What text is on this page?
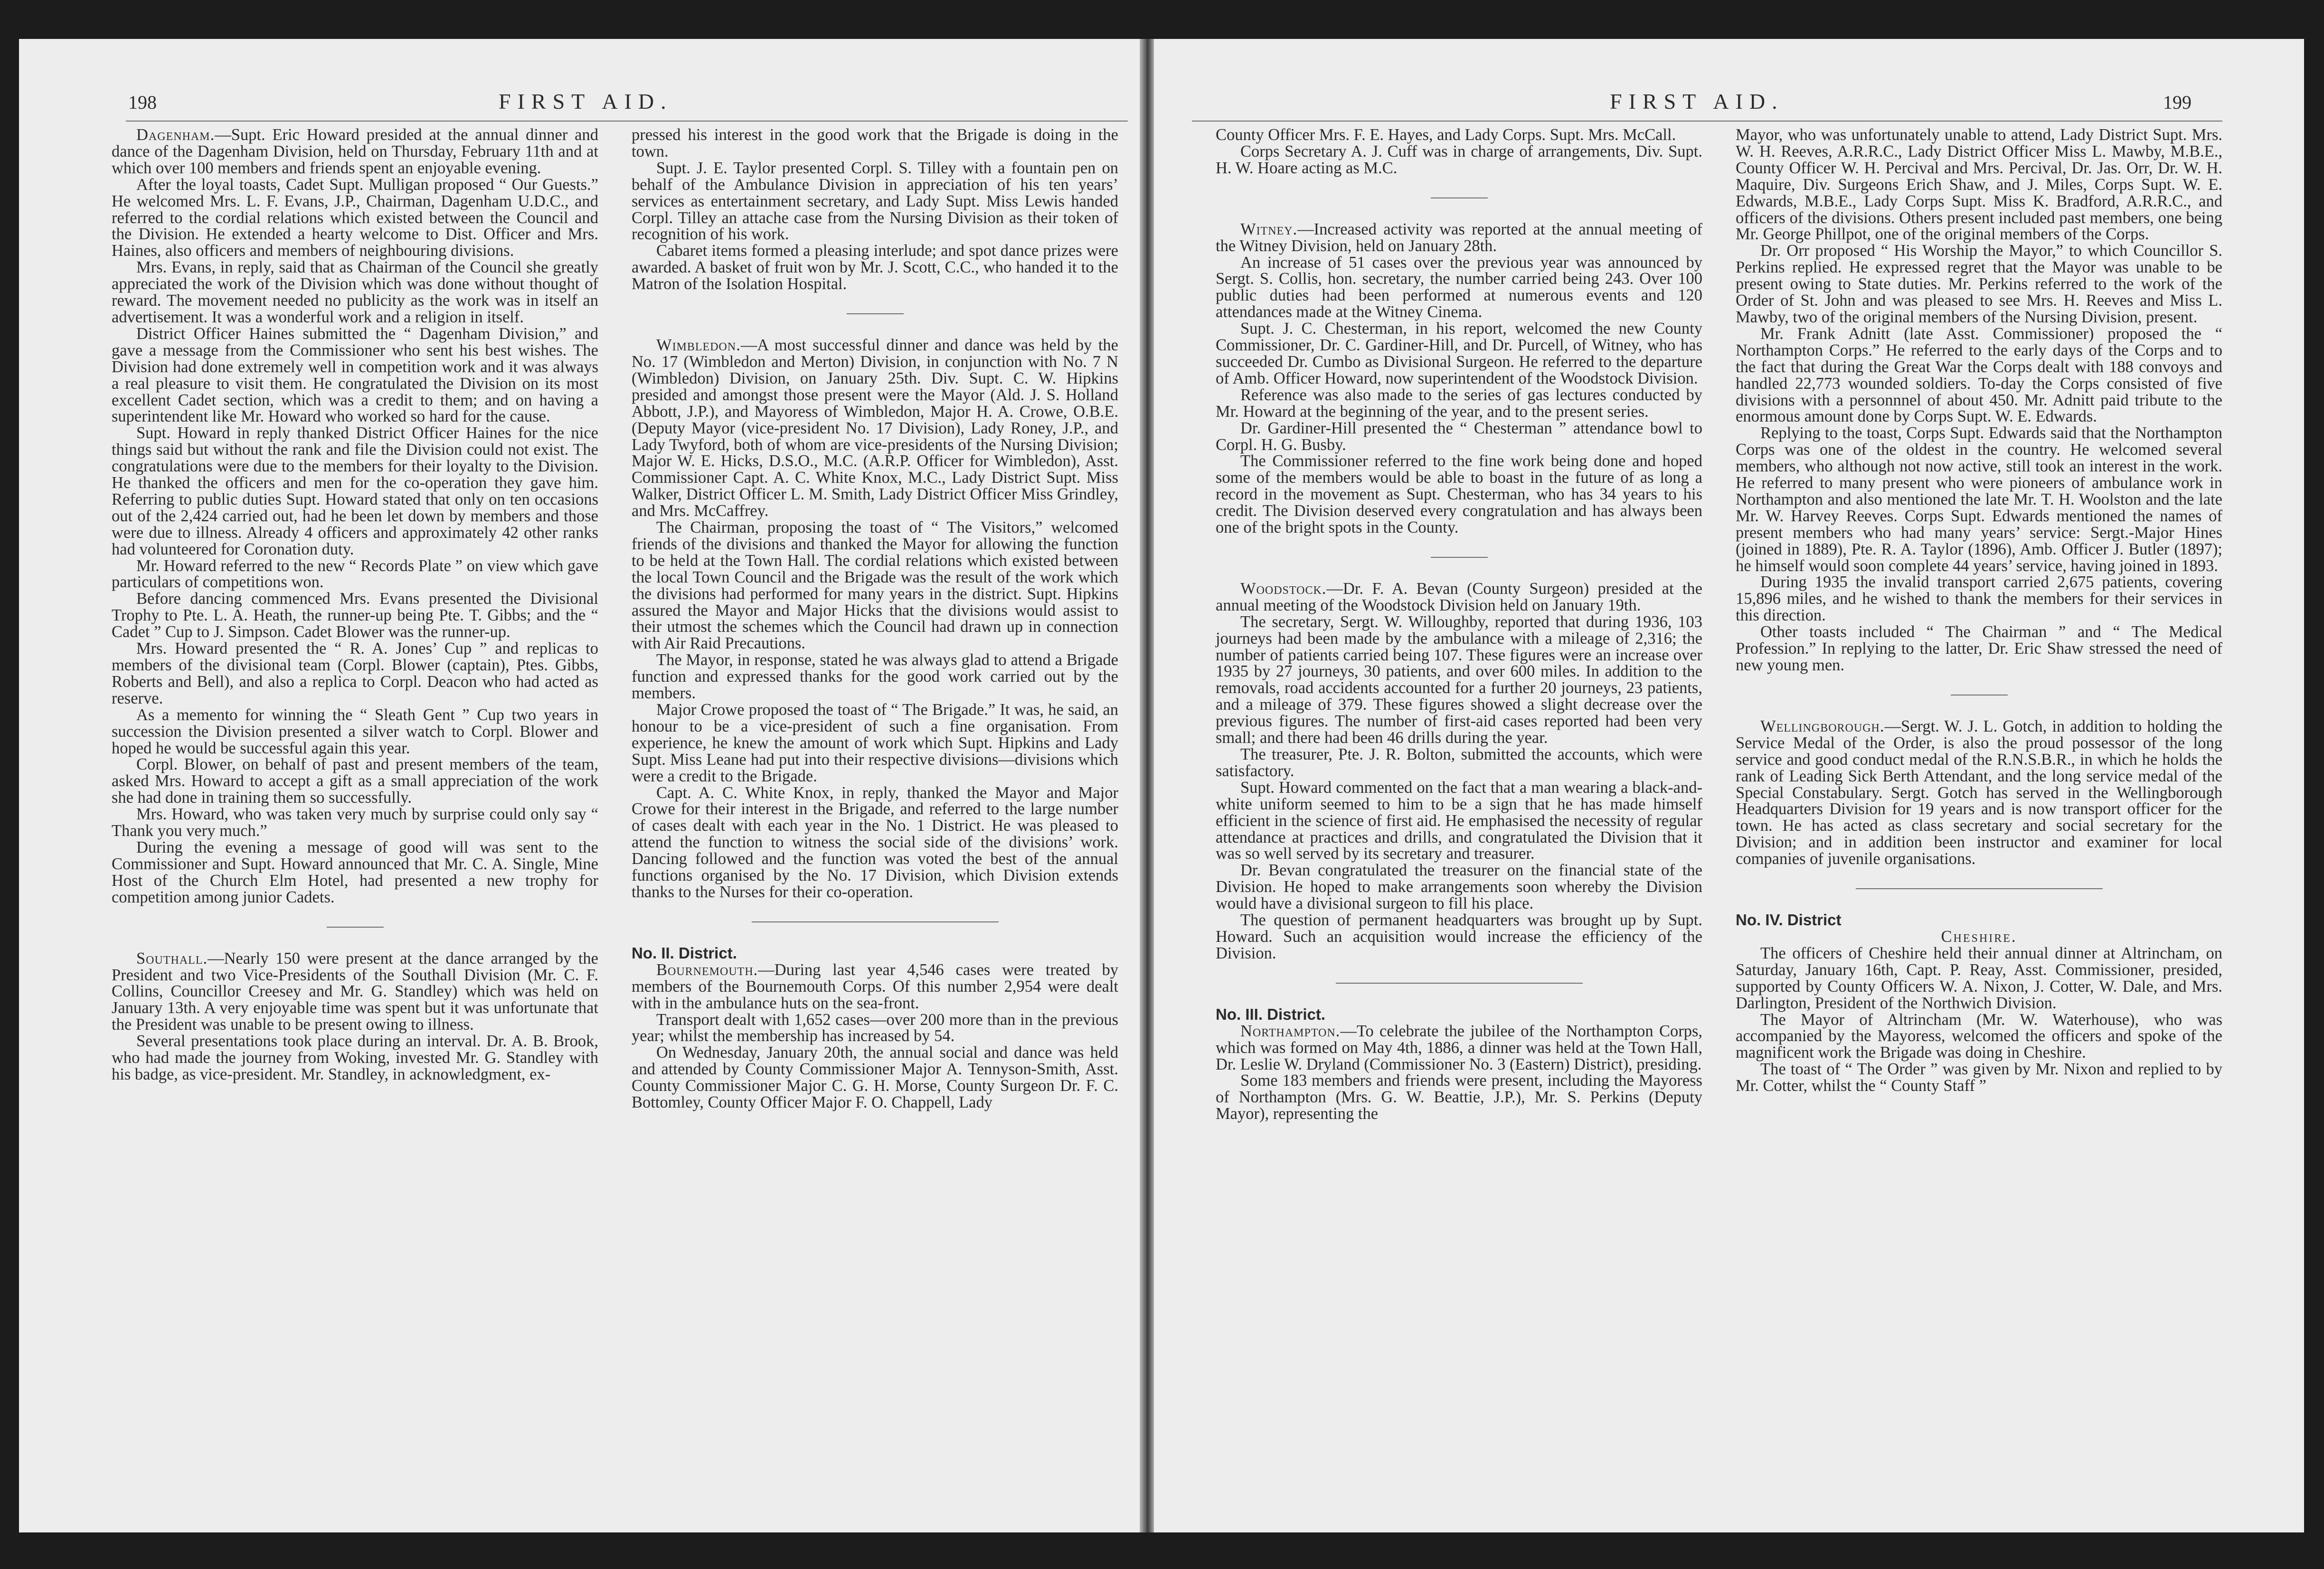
198	FIRST AID.

Dagenham.—Supt. Eric Howard presided at the annual dinner and dance of the Dagenham Division, held on Thursday, February 11th and at which over 100 members and friends spent an enjoyable evening.

After the loyal toasts, Cadet Supt. Mulligan proposed “ Our Guests.” He welcomed Mrs. L. F. Evans, J.P., Chairman, Dagenham U.D.C., and referred to the cordial relations which existed between the Council and the Division. He extended a hearty welcome to Dist. Officer and Mrs. Haines, also officers and members of neighbouring divisions.

Mrs. Evans, in reply, said that as Chairman of the Council she greatly appreciated the work of the Division which was done without thought of reward. The movement needed no publicity as the work was in itself an advertisement. It was a wonderful work and a religion in itself.

District Officer Haines submitted the “ Dagenham Division,” and gave a message from the Commissioner who sent his best wishes. The Division had done extremely well in competition work and it was always a real pleasure to visit them. He congratulated the Division on its most excellent Cadet section, which was a credit to them; and on having a superintendent like Mr. Howard who worked so hard for the cause.

Supt. Howard in reply thanked District Officer Haines for the nice things said but without the rank and file the Division could not exist. The congratulations were due to the members for their loyalty to the Division. He thanked the officers and men for the co-operation they gave him. Referring to public duties Supt. Howard stated that only on ten occasions out of the 2,424 carried out, had he been let down by members and those were due to illness. Already 4 officers and approximately 42 other ranks had volunteered for Coronation duty.

Mr. Howard referred to the new “ Records Plate ” on view which gave particulars of competitions won.

Before dancing commenced Mrs. Evans presented the Divisional Trophy to Pte. L. A. Heath, the runner-up being Pte. T. Gibbs; and the “ Cadet ” Cup to J. Simpson. Cadet Blower was the runner-up.

Mrs. Howard presented the “ R. A. Jones’ Cup ” and replicas to members of the divisional team (Corpl. Blower (captain), Ptes. Gibbs, Roberts and Bell), and also a replica to Corpl. Deacon who had acted as reserve.

As a memento for winning the “ Sleath Gent ” Cup two years in succession the Division presented a silver watch to Corpl. Blower and hoped he would be successful again this year.

Corpl. Blower, on behalf of past and present members of the team, asked Mrs. Howard to accept a gift as a small appreciation of the work she had done in training them so successfully.

Mrs. Howard, who was taken very much by surprise could only say “ Thank you very much.”

During the evening a message of good will was sent to the Commissioner and Supt. Howard announced that Mr. C. A. Single, Mine Host of the Church Elm Hotel, had presented a new trophy for competition among junior Cadets.

Southall.—Nearly 150 were present at the dance arranged by the President and two Vice-Presidents of the Southall Division (Mr. C. F. Collins, Councillor Creesey and Mr. G. Standley) which was held on January 13th. A very enjoyable time was spent but it was unfortunate that the President was unable to be present owing to illness.

Several presentations took place during an interval. Dr. A. B. Brook, who had made the journey from Woking, invested Mr. G. Standley with his badge, as vice-president. Mr. Standley, in acknowledgment, ex-

pressed his interest in the good work that the Brigade is doing in the town.

Supt. J. E. Taylor presented Corpl. S. Tilley with a fountain pen on behalf of the Ambulance Division in appreciation of his ten years’ services as entertainment secretary, and Lady Supt. Miss Lewis handed Corpl. Tilley an attache case from the Nursing Division as their token of recognition of his work.

Cabaret items formed a pleasing interlude; and spot dance prizes were awarded. A basket of fruit won by Mr. J. Scott, C.C., who handed it to the Matron of the Isolation Hospital.

Wimbledon.—A most successful dinner and dance was held by the No. 17 (Wimbledon and Merton) Division, in conjunction with No. 7 N (Wimbledon) Division, on January 25th. Div. Supt. C. W. Hipkins presided and amongst those present were the Mayor (Ald. J. S. Holland Abbott, J.P.), and Mayoress of Wimbledon, Major H. A. Crowe, O.B.E. (Deputy Mayor (vice-president No. 17 Division), Lady Roney, J.P., and Lady Twyford, both of whom are vice-presidents of the Nursing Division; Major W. E. Hicks, D.S.O., M.C. (A.R.P. Officer for Wimbledon), Asst. Commissioner Capt. A. C. White Knox, M.C., Lady District Supt. Miss Walker, District Officer L. M. Smith, Lady District Officer Miss Grindley, and Mrs. McCaffrey.

The Chairman, proposing the toast of “ The Visitors,” welcomed friends of the divisions and thanked the Mayor for allowing the function to be held at the Town Hall. The cordial relations which existed between the local Town Council and the Brigade was the result of the work which the divisions had performed for many years in the district. Supt. Hipkins assured the Mayor and Major Hicks that the divisions would assist to their utmost the schemes which the Council had drawn up in connection with Air Raid Precautions.

The Mayor, in response, stated he was always glad to attend a Brigade function and expressed thanks for the good work carried out by the members.

Major Crowe proposed the toast of “ The Brigade.” It was, he said, an honour to be a vice-president of such a fine organisation. From experience, he knew the amount of work which Supt. Hipkins and Lady Supt. Miss Leane had put into their respective divisions—divisions which were a credit to the Brigade.

Capt. A. C. White Knox, in reply, thanked the Mayor and Major Crowe for their interest in the Brigade, and referred to the large number of cases dealt with each year in the No. 1 District. He was pleased to attend the function to witness the social side of the divisions’ work. Dancing followed and the function was voted the best of the annual functions organised by the No. 17 Division, which Division extends thanks to the Nurses for their co-operation.

No. II. District.

Bournemouth.—During last year 4,546 cases were treated by members of the Bournemouth Corps. Of this number 2,954 were dealt with in the ambulance huts on the sea-front.

Transport dealt with 1,652 cases—over 200 more than in the previous year; whilst the membership has increased by 54.

On Wednesday, January 20th, the annual social and dance was held and attended by County Commissioner Major A. Tennyson-Smith, Asst. County Commissioner Major C. G. H. Morse, County Surgeon Dr. F. C. Bottomley, County Officer Major F. O. Chappell, Lady

FIRST AID.	199

County Officer Mrs. F. E. Hayes, and Lady Corps. Supt. Mrs. McCall.

Corps Secretary A. J. Cuff was in charge of arrangements, Div. Supt. H. W. Hoare acting as M.C.

Witney.—Increased activity was reported at the annual meeting of the Witney Division, held on January 28th.

An increase of 51 cases over the previous year was announced by Sergt. S. Collis, hon. secretary, the number carried being 243. Over 100 public duties had been performed at numerous events and 120 attendances made at the Witney Cinema.

Supt. J. C. Chesterman, in his report, welcomed the new County Commissioner, Dr. C. Gardiner-Hill, and Dr. Purcell, of Witney, who has succeeded Dr. Cumbo as Divisional Surgeon. He referred to the departure of Amb. Officer Howard, now superintendent of the Woodstock Division.

Reference was also made to the series of gas lectures conducted by Mr. Howard at the beginning of the year, and to the present series.

Dr. Gardiner-Hill presented the “ Chesterman ” attendance bowl to Corpl. H. G. Busby.

The Commissioner referred to the fine work being done and hoped some of the members would be able to boast in the future of as long a record in the movement as Supt. Chesterman, who has 34 years to his credit. The Division deserved every congratulation and has always been one of the bright spots in the County.

Woodstock.—Dr. F. A. Bevan (County Surgeon) presided at the annual meeting of the Woodstock Division held on January 19th.

The secretary, Sergt. W. Willoughby, reported that during 1936, 103 journeys had been made by the ambulance with a mileage of 2,316; the number of patients carried being 107. These figures were an increase over 1935 by 27 journeys, 30 patients, and over 600 miles. In addition to the removals, road accidents accounted for a further 20 journeys, 23 patients, and a mileage of 379. These figures showed a slight decrease over the previous figures. The number of first-aid cases reported had been very small; and there had been 46 drills during the year.

The treasurer, Pte. J. R. Bolton, submitted the accounts, which were satisfactory.

Supt. Howard commented on the fact that a man wearing a black-and-white uniform seemed to him to be a sign that he has made himself efficient in the science of first aid. He emphasised the necessity of regular attendance at practices and drills, and congratulated the Division that it was so well served by its secretary and treasurer.

Dr. Bevan congratulated the treasurer on the financial state of the Division. He hoped to make arrangements soon whereby the Division would have a divisional surgeon to fill his place.

The question of permanent headquarters was brought up by Supt. Howard. Such an acquisition would increase the efficiency of the Division.

No. III. District.

Northampton.—To celebrate the jubilee of the Northampton Corps, which was formed on May 4th, 1886, a dinner was held at the Town Hall, Dr. Leslie W. Dryland (Commissioner No. 3 (Eastern) District), presiding.

Some 183 members and friends were present, including the Mayoress of Northampton (Mrs. G. W. Beattie, J.P.), Mr. S. Perkins (Deputy Mayor), representing the

Mayor, who was unfortunately unable to attend, Lady District Supt. Mrs. W. H. Reeves, A.R.R.C., Lady District Officer Miss L. Mawby, M.B.E., County Officer W. H. Percival and Mrs. Percival, Dr. Jas. Orr, Dr. W. H. Maquire, Div. Surgeons Erich Shaw, and J. Miles, Corps Supt. W. E. Edwards, M.B.E., Lady Corps Supt. Miss K. Bradford, A.R.R.C., and officers of the divisions. Others present included past members, one being Mr. George Phillpot, one of the original members of the Corps.

Dr. Orr proposed “ His Worship the Mayor,” to which Councillor S. Perkins replied. He expressed regret that the Mayor was unable to be present owing to State duties. Mr. Perkins referred to the work of the Order of St. John and was pleased to see Mrs. H. Reeves and Miss L. Mawby, two of the original members of the Nursing Division, present.

Mr. Frank Adnitt (late Asst. Commissioner) proposed the “ Northampton Corps.” He referred to the early days of the Corps and to the fact that during the Great War the Corps dealt with 188 convoys and handled 22,773 wounded soldiers. To-day the Corps consisted of five divisions with a personnnel of about 450. Mr. Adnitt paid tribute to the enormous amount done by Corps Supt. W. E. Edwards.

Replying to the toast, Corps Supt. Edwards said that the Northampton Corps was one of the oldest in the country. He welcomed several members, who although not now active, still took an interest in the work. He referred to many present who were pioneers of ambulance work in Northampton and also mentioned the late Mr. T. H. Woolston and the late Mr. W. Harvey Reeves. Corps Supt. Edwards mentioned the names of present members who had many years’ service: Sergt.-Major Hines (joined in 1889), Pte. R. A. Taylor (1896), Amb. Officer J. Butler (1897); he himself would soon complete 44 years’ service, having joined in 1893.

During 1935 the invalid transport carried 2,675 patients, covering 15,896 miles, and he wished to thank the members for their services in this direction.

Other toasts included “ The Chairman ” and “ The Medical Profession.” In replying to the latter, Dr. Eric Shaw stressed the need of new young men.

Wellingborough.—Sergt. W. J. L. Gotch, in addition to holding the Service Medal of the Order, is also the proud possessor of the long service and good conduct medal of the R.N.S.B.R., in which he holds the rank of Leading Sick Berth Attendant, and the long service medal of the Special Constabulary. Sergt. Gotch has served in the Wellingborough Headquarters Division for 19 years and is now transport officer for the town. He has acted as class secretary and social secretary for the Division; and in addition been instructor and examiner for local companies of juvenile organisations.

No. IV. District

Cheshire.

The officers of Cheshire held their annual dinner at Altrincham, on Saturday, January 16th, Capt. P. Reay, Asst. Commissioner, presided, supported by County Officers W. A. Nixon, J. Cotter, W. Dale, and Mrs. Darlington, President of the Northwich Division.

The Mayor of Altrincham (Mr. W. Waterhouse), who was accompanied by the Mayoress, welcomed the officers and spoke of the magnificent work the Brigade was doing in Cheshire.

The toast of “ The Order ” was given by Mr. Nixon and replied to by Mr. Cotter, whilst the “ County Staff ”
